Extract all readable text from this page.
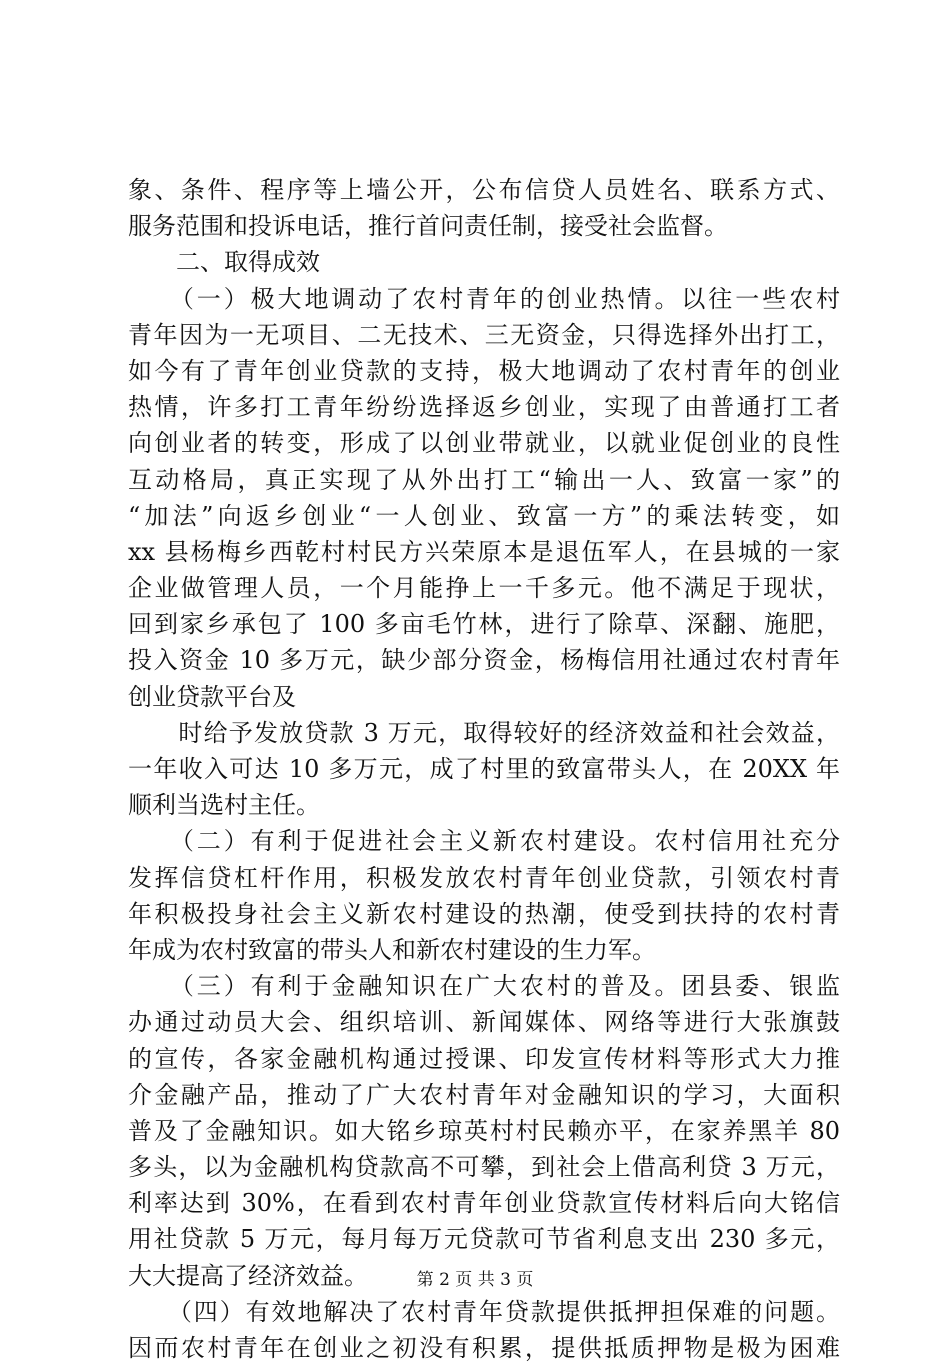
象、条件、程序等上墙公开，公布信贷人员姓名、联系方式、
服务范围和投诉电话，推行首问责任制，接受社会监督。
　　二、取得成效
　　（一）极大地调动了农村青年的创业热情。以往一些农村
青年因为一无项目、二无技术、三无资金，只得选择外出打工，
如今有了青年创业贷款的支持，极大地调动了农村青年的创业
热情，许多打工青年纷纷选择返乡创业，实现了由普通打工者
向创业者的转变，形成了以创业带就业，以就业促创业的良性
互动格局，真正实现了从外出打工“输出一人、致富一家”的
“加法”向返乡创业“一人创业、致富一方”的乘法转变，如
xx 县杨梅乡西乾村村民方兴荣原本是退伍军人，在县城的一家
企业做管理人员，一个月能挣上一千多元。他不满足于现状，
回到家乡承包了 100 多亩毛竹林，进行了除草、深翻、施肥，
投入资金 10 多万元，缺少部分资金，杨梅信用社通过农村青年
创业贷款平台及
　　时给予发放贷款 3 万元，取得较好的经济效益和社会效益，
一年收入可达 10 多万元，成了村里的致富带头人，在 20XX 年
顺利当选村主任。
　　（二）有利于促进社会主义新农村建设。农村信用社充分
发挥信贷杠杆作用，积极发放农村青年创业贷款，引领农村青
年积极投身社会主义新农村建设的热潮，使受到扶持的农村青
年成为农村致富的带头人和新农村建设的生力军。
　　（三）有利于金融知识在广大农村的普及。团县委、银监
办通过动员大会、组织培训、新闻媒体、网络等进行大张旗鼓
的宣传，各家金融机构通过授课、印发宣传材料等形式大力推
介金融产品，推动了广大农村青年对金融知识的学习，大面积
普及了金融知识。如大铭乡琼英村村民赖亦平，在家养黑羊 80
多头，以为金融机构贷款高不可攀，到社会上借高利贷 3 万元，
利率达到 30%，在看到农村青年创业贷款宣传材料后向大铭信
用社贷款 5 万元，每月每万元贷款可节省利息支出 230 多元，
大大提高了经济效益。
　　（四）有效地解决了农村青年贷款提供抵押担保难的问题。
因而农村青年在创业之初没有积累，提供抵质押物是极为困难
第 2 页 共 3 页
